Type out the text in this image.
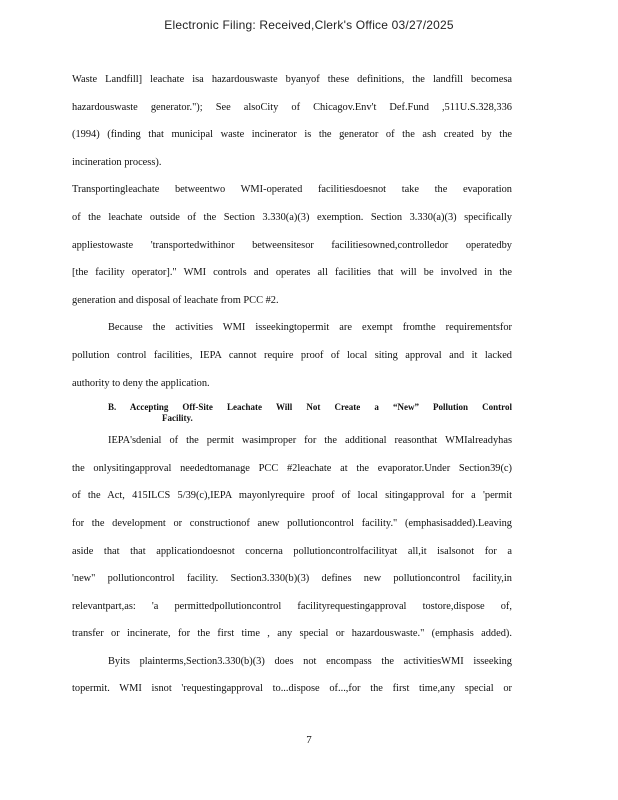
Electronic Filing: Received,Clerk's Office 03/27/2025
Waste Landfill] leachate isa hazardouswaste byanyof these definitions, the landfill becomesa
hazardouswaste generator."); See alsoCity of Chicagov.Env't Def.Fund ,511U.S.328,336
(1994) (finding that municipal waste incinerator is the generator of the ash created by the
incineration process).
Transportingleachate betweentwo WMI-operated facilitiesdoesnot take the evaporation
of the leachate outside of the Section 3.330(a)(3) exemption. Section 3.330(a)(3) specifically
appliestowaste 'transportedwithinor betweensitesor facilitiesowned,controlledor operatedby
[the facility operator]." WMI controls and operates all facilities that will be involved in the
generation and disposal of leachate from PCC #2.
Because the activities WMI isseekingtopermit are exempt fromthe requirementsfor
pollution control facilities, IEPA cannot require proof of local siting approval and it lacked
authority to deny the application.
B. Accepting Off-Site Leachate Will Not Create a “New” Pollution Control
Facility.
IEPA'sdenial of the permit wasimproper for the additional reasonthat WMIalreadyhas
the onlysitingapproval neededtomanage PCC #2leachate at the evaporator.Under Section39(c)
of the Act, 415ILCS 5/39(c),IEPA mayonlyrequire proof of local sitingapproval for a 'permit
for the development or constructionof anew pollutioncontrol facility." (emphasisadded).Leaving
aside that that applicationdoesnot concerna pollutioncontrolfacilityat all,it isalsonot for a
'new" pollutioncontrol facility. Section3.330(b)(3) defines new pollutioncontrol facility,in
relevantpart,as: 'a permittedpollutioncontrol facilityrequestingapproval tostore,dispose of,
transfer or incinerate, for the first time , any special or hazardouswaste." (emphasis added).
Byits plainterms,Section3.330(b)(3) does not encompass the activitiesWMI isseeking
topermit. WMI isnot 'requestingapproval to...dispose of...,for the first time,any special or
7
